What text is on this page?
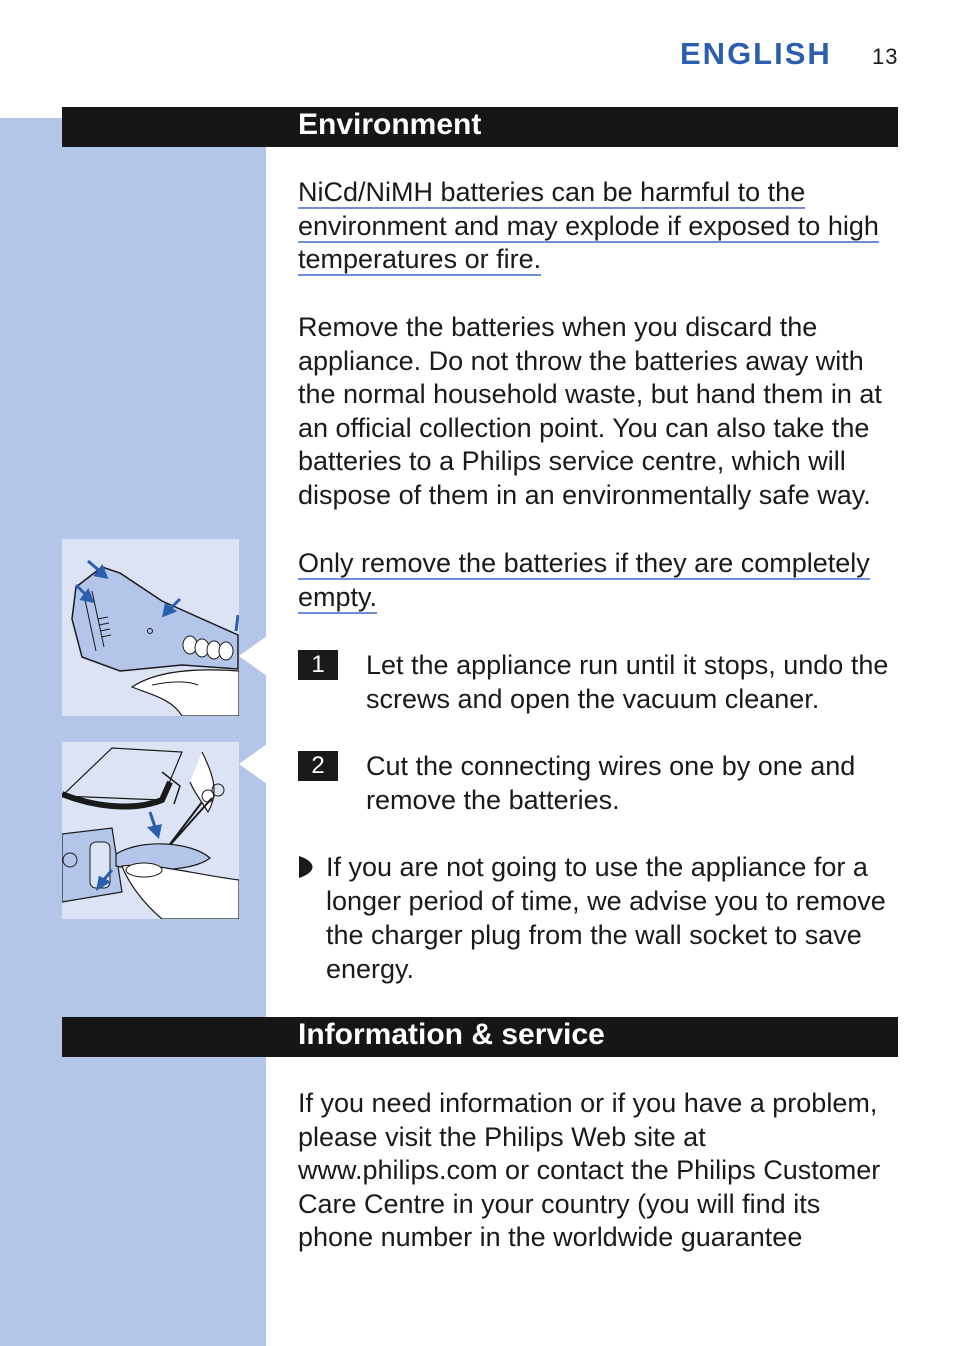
ENGLISH 13
Environment
NiCd/NiMH batteries can be harmful to the
environment and may explode if exposed to high
temperatures or fire.
Remove the batteries when you discard the appliance. Do not throw the batteries away with the normal household waste, but hand them in at an official collection point. You can also take the batteries to a Philips service centre, which will dispose of them in an environmentally safe way.
Only remove the batteries if they are completely
empty.
1	Let the appliance run until it stops, undo the screws and open the vacuum cleaner.
2	Cut the connecting wires one by one and remove the batteries.
If you are not going to use the appliance for a longer period of time, we advise you to remove the charger plug from the wall socket to save energy.
Information & service
If you need information or if you have a problem, please visit the Philips Web site at www.philips.com or contact the Philips Customer Care Centre in your country (you will find its phone number in the worldwide guarantee
